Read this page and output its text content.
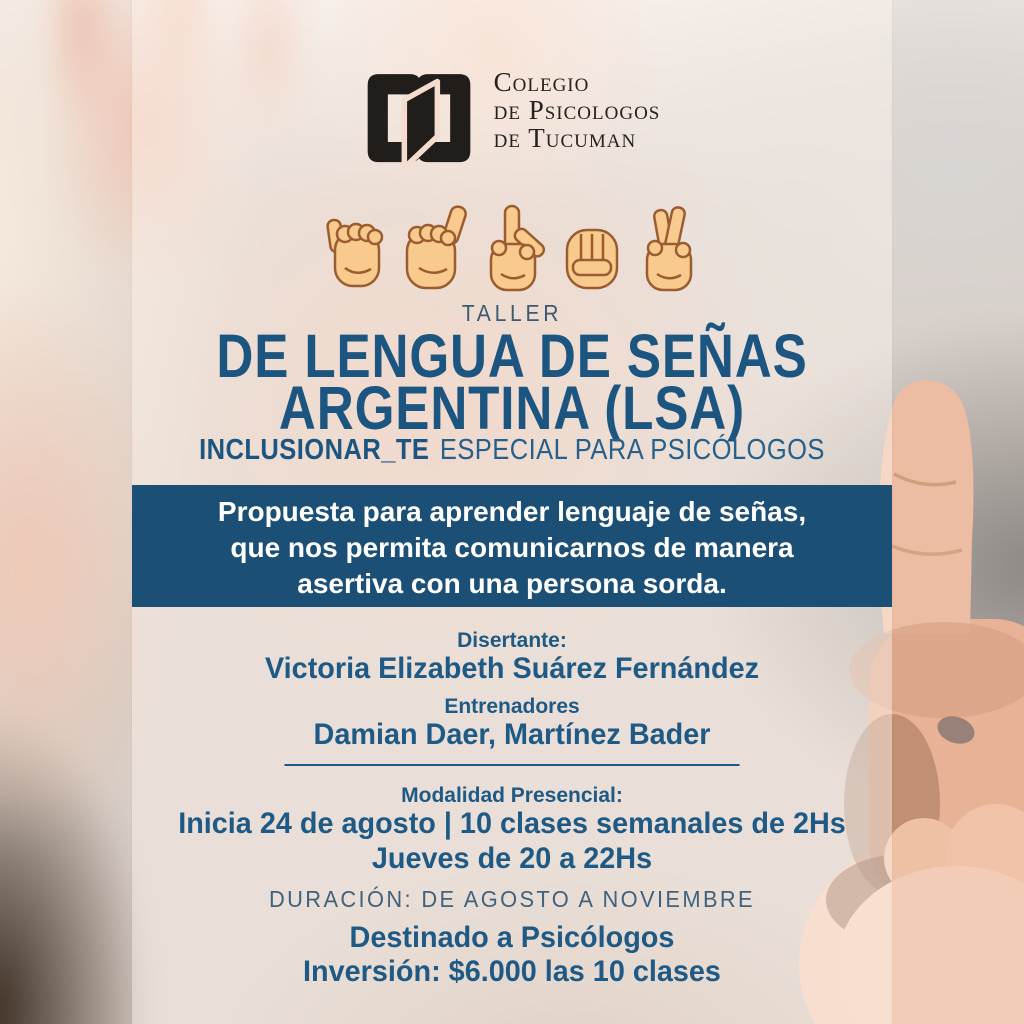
Colegio
de Psicologos
de Tucuman
TALLER
DE LENGUA DE SEÑAS
ARGENTINA (LSA)
INCLUSIONAR_TE ESPECIAL PARA PSICÓLOGOS
Propuesta para aprender lenguaje de señas,
que nos permita comunicarnos de manera
asertiva con una persona sorda.
Disertante:
Victoria Elizabeth Suárez Fernández
Entrenadores
Damian Daer, Martínez Bader
Modalidad Presencial:
Inicia 24 de agosto | 10 clases semanales de 2Hs
Jueves de 20 a 22Hs
DURACIÓN: DE AGOSTO A NOVIEMBRE
Destinado a Psicólogos
Inversión: $6.000 las 10 clases
